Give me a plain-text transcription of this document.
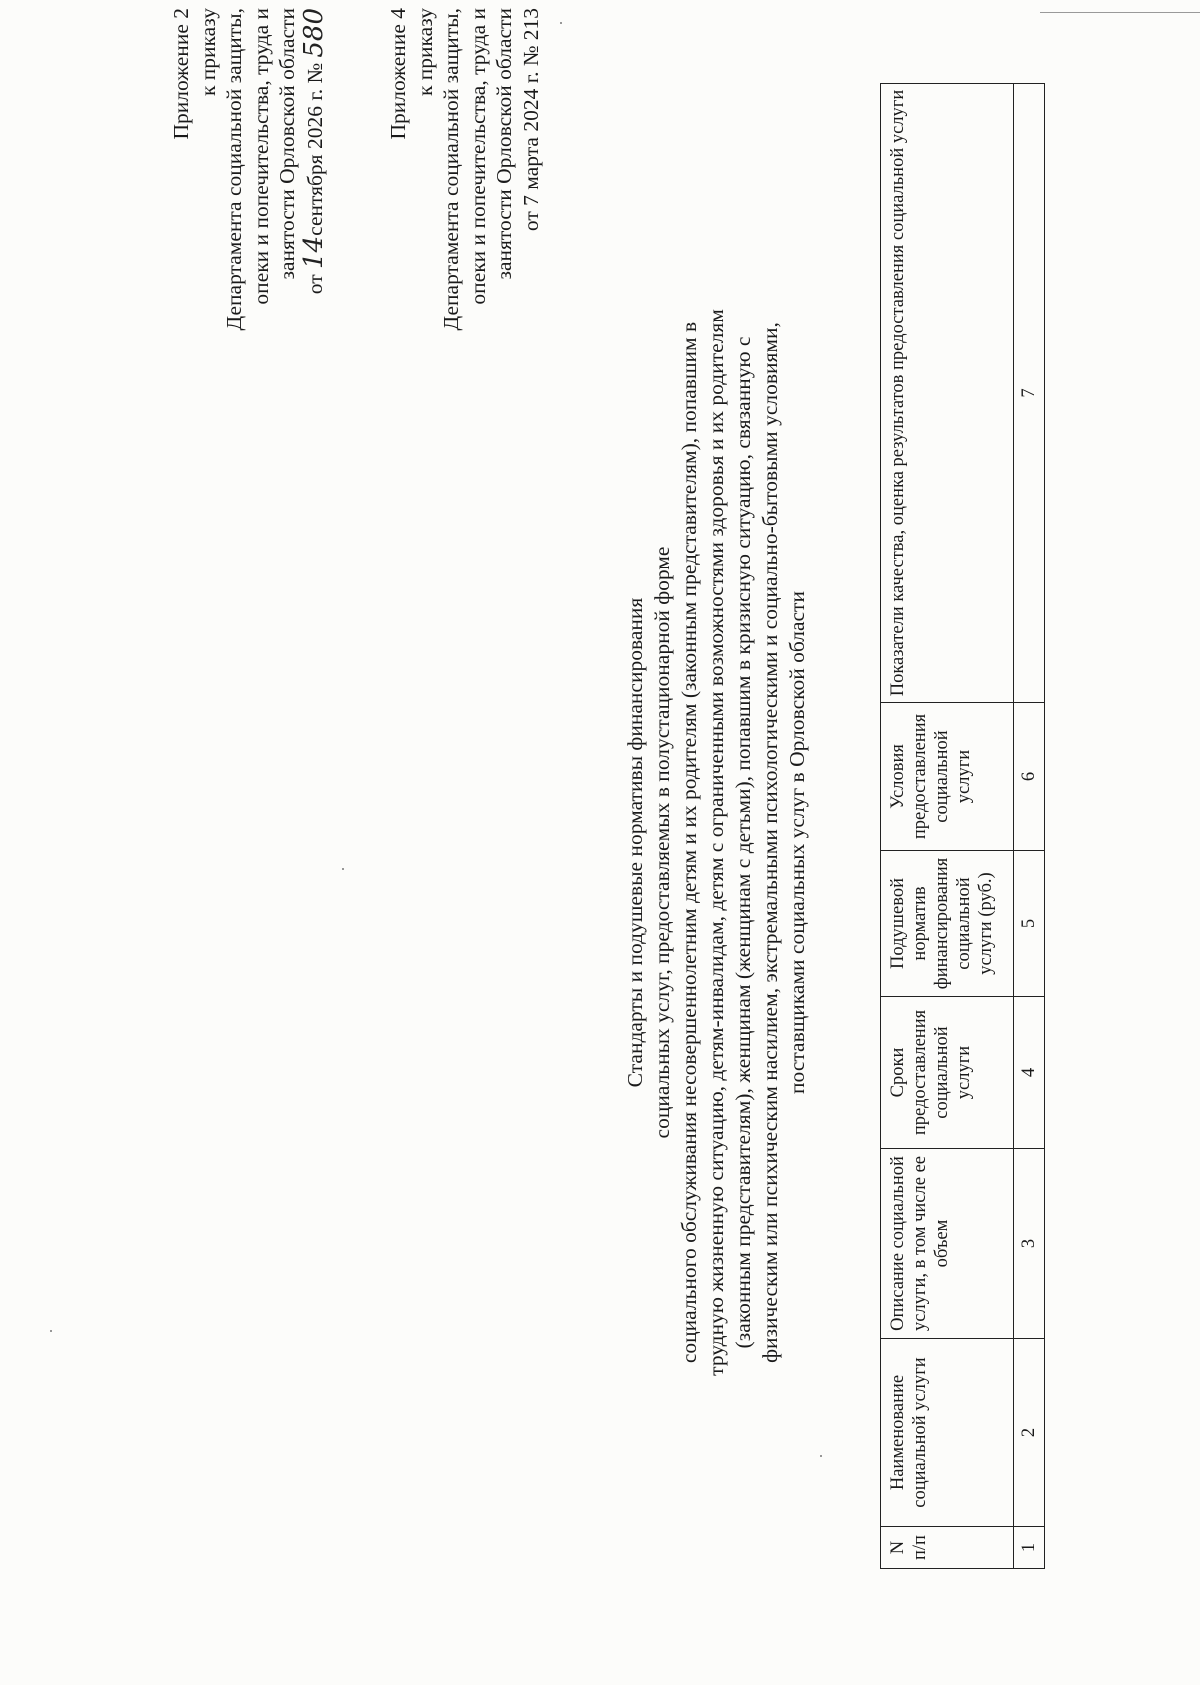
Приложение 2 к приказу Департамента социальной защиты, опеки и попечительства, труда и занятости Орловской области
от 14сентября 2026 г. № 580	Приложение 4 к приказу Департамента социальной защиты, опеки и попечительства, труда и занятости Орловской области от 7 марта 2024 г. № 213
Стандарты и подушевые нормативы финансирования социальных услуг, предоставляемых в полустационарной форме социального обслуживания несовершеннолетним детям и их родителям (законным представителям), попавшим в трудную жизненную ситуацию, детям-инвалидам, детям с ограниченными возможностями здоровья и их родителям (законным представителям), женщинам (женщинам с детьми), попавшим в кризисную ситуацию, связанную с физическим или психическим насилием, экстремальными психологическими и социально-бытовыми условиями, поставщиками социальных услуг в Орловской области
N п/п	Наименование социальной услуги	Описание социальной услуги, в том числе ее объем	Сроки предоставления социальной услуги	Подушевой норматив финансирования социальной услуги (руб.)	Условия предоставления социальной услуги	Показатели качества, оценка результатов предоставления социальной услуги
1	2	3	4	5	6	7
